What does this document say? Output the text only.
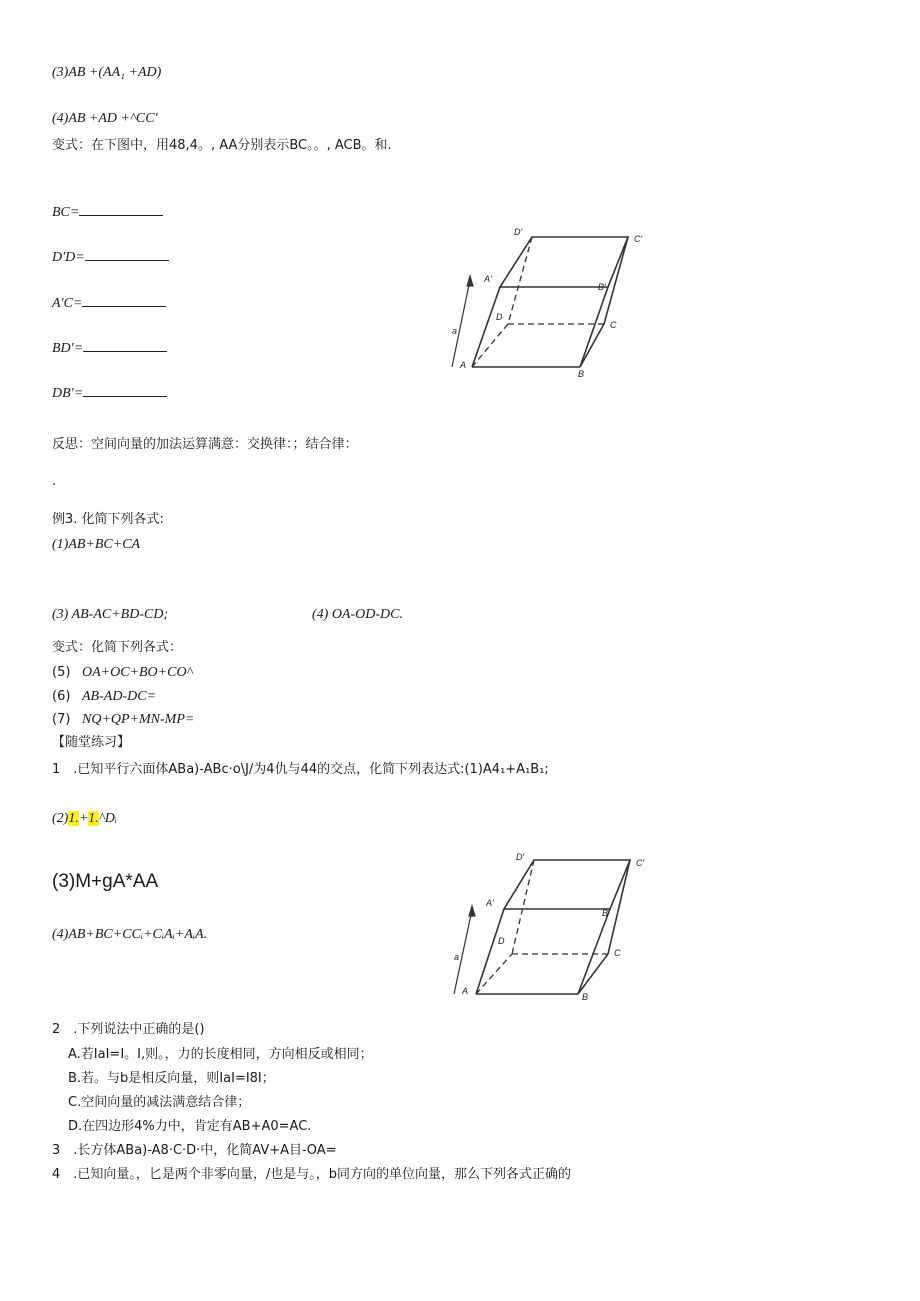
(3)AB +(AA₁ +AD)
(4)AB +AD +^CC′
变式：在下图中，用48,4。, AA分别表示BC。。, ACB。和.
BC=
D′D=
A′C=
BD′=
DB′=
D′
C′
A′
B′
D
C
A
B
a
反思：空间向量的加法运算满意：交换律：；结合律：
.
例3. 化简下列各式:
(1)AB+BC+CA
(3) AB-AC+BD-CD;	(4) OA-OD-DC.
变式：化简下列各式：
(5) OA+OC+BO+CO^
(6) AB-AD-DC=
(7) NQ+QP+MN-MP=
【随堂练习】
1　.已知平行六面体ABa)-ABc·o\J/为4仇与44的交点，化简下列表达式:(1)A4₁+A₁B₁;
(2)1.+1.^Dᵢ
(3)M+gA*AA
(4)AB+BC+CCᵢ+CᵢAᵢ+AᵢA.
D′
C′
A′
B′
D
C
A
B
a
2　.下列说法中正确的是()
A.若IaI=I。I,则。，力的长度相同，方向相反或相同；
B.若。与b是相反向量，则IaI=I8I；
C.空间向量的减法满意结合律；
D.在四边形4%力中，肯定有AB+A0=AC.
3　.长方体ABa)-A8·C·D·中，化简AV+A目-OA=
4　.已知向量。，匕是两个非零向量，/也是与。，b同方向的单位向量，那么下列各式正确的
